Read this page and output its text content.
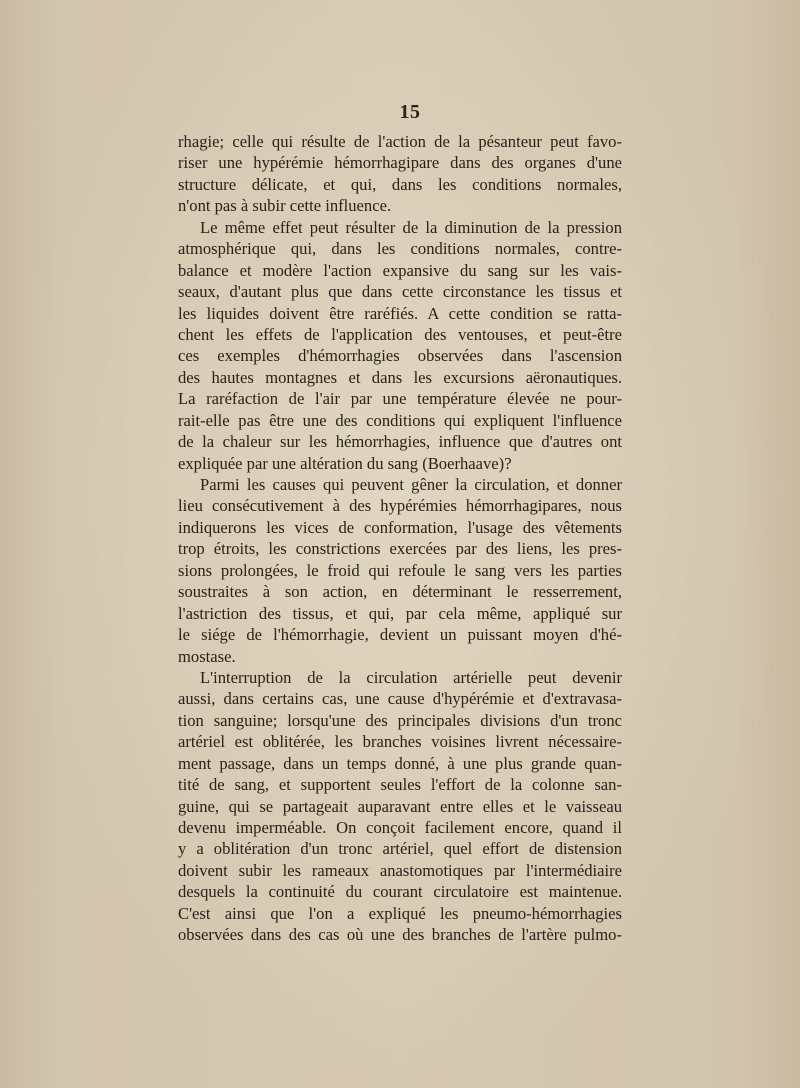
15
rhagie; celle qui résulte de l'action de la pésanteur peut favo-
riser une hypérémie hémorrhagipare dans des organes d'une
structure délicate, et qui, dans les conditions normales,
n'ont pas à subir cette influence.
Le même effet peut résulter de la diminution de la pression
atmosphérique qui, dans les conditions normales, contre-
balance et modère l'action expansive du sang sur les vais-
seaux, d'autant plus que dans cette circonstance les tissus et
les liquides doivent être raréfiés. A cette condition se ratta-
chent les effets de l'application des ventouses, et peut-être
ces exemples d'hémorrhagies observées dans l'ascension
des hautes montagnes et dans les excursions aëronautiques.
La raréfaction de l'air par une température élevée ne pour-
rait-elle pas être une des conditions qui expliquent l'influence
de la chaleur sur les hémorrhagies, influence que d'autres ont
expliquée par une altération du sang (Boerhaave)?
Parmi les causes qui peuvent gêner la circulation, et donner
lieu consécutivement à des hypérémies hémorrhagipares, nous
indiquerons les vices de conformation, l'usage des vêtements
trop étroits, les constrictions exercées par des liens, les pres-
sions prolongées, le froid qui refoule le sang vers les parties
soustraites à son action, en déterminant le resserrement,
l'astriction des tissus, et qui, par cela même, appliqué sur
le siége de l'hémorrhagie, devient un puissant moyen d'hé-
mostase.
L'interruption de la circulation artérielle peut devenir
aussi, dans certains cas, une cause d'hypérémie et d'extravasa-
tion sanguine; lorsqu'une des principales divisions d'un tronc
artériel est oblitérée, les branches voisines livrent nécessaire-
ment passage, dans un temps donné, à une plus grande quan-
tité de sang, et supportent seules l'effort de la colonne san-
guine, qui se partageait auparavant entre elles et le vaisseau
devenu imperméable. On conçoit facilement encore, quand il
y a oblitération d'un tronc artériel, quel effort de distension
doivent subir les rameaux anastomotiques par l'intermédiaire
desquels la continuité du courant circulatoire est maintenue.
C'est ainsi que l'on a expliqué les pneumo-hémorrhagies
observées dans des cas où une des branches de l'artère pulmo-
